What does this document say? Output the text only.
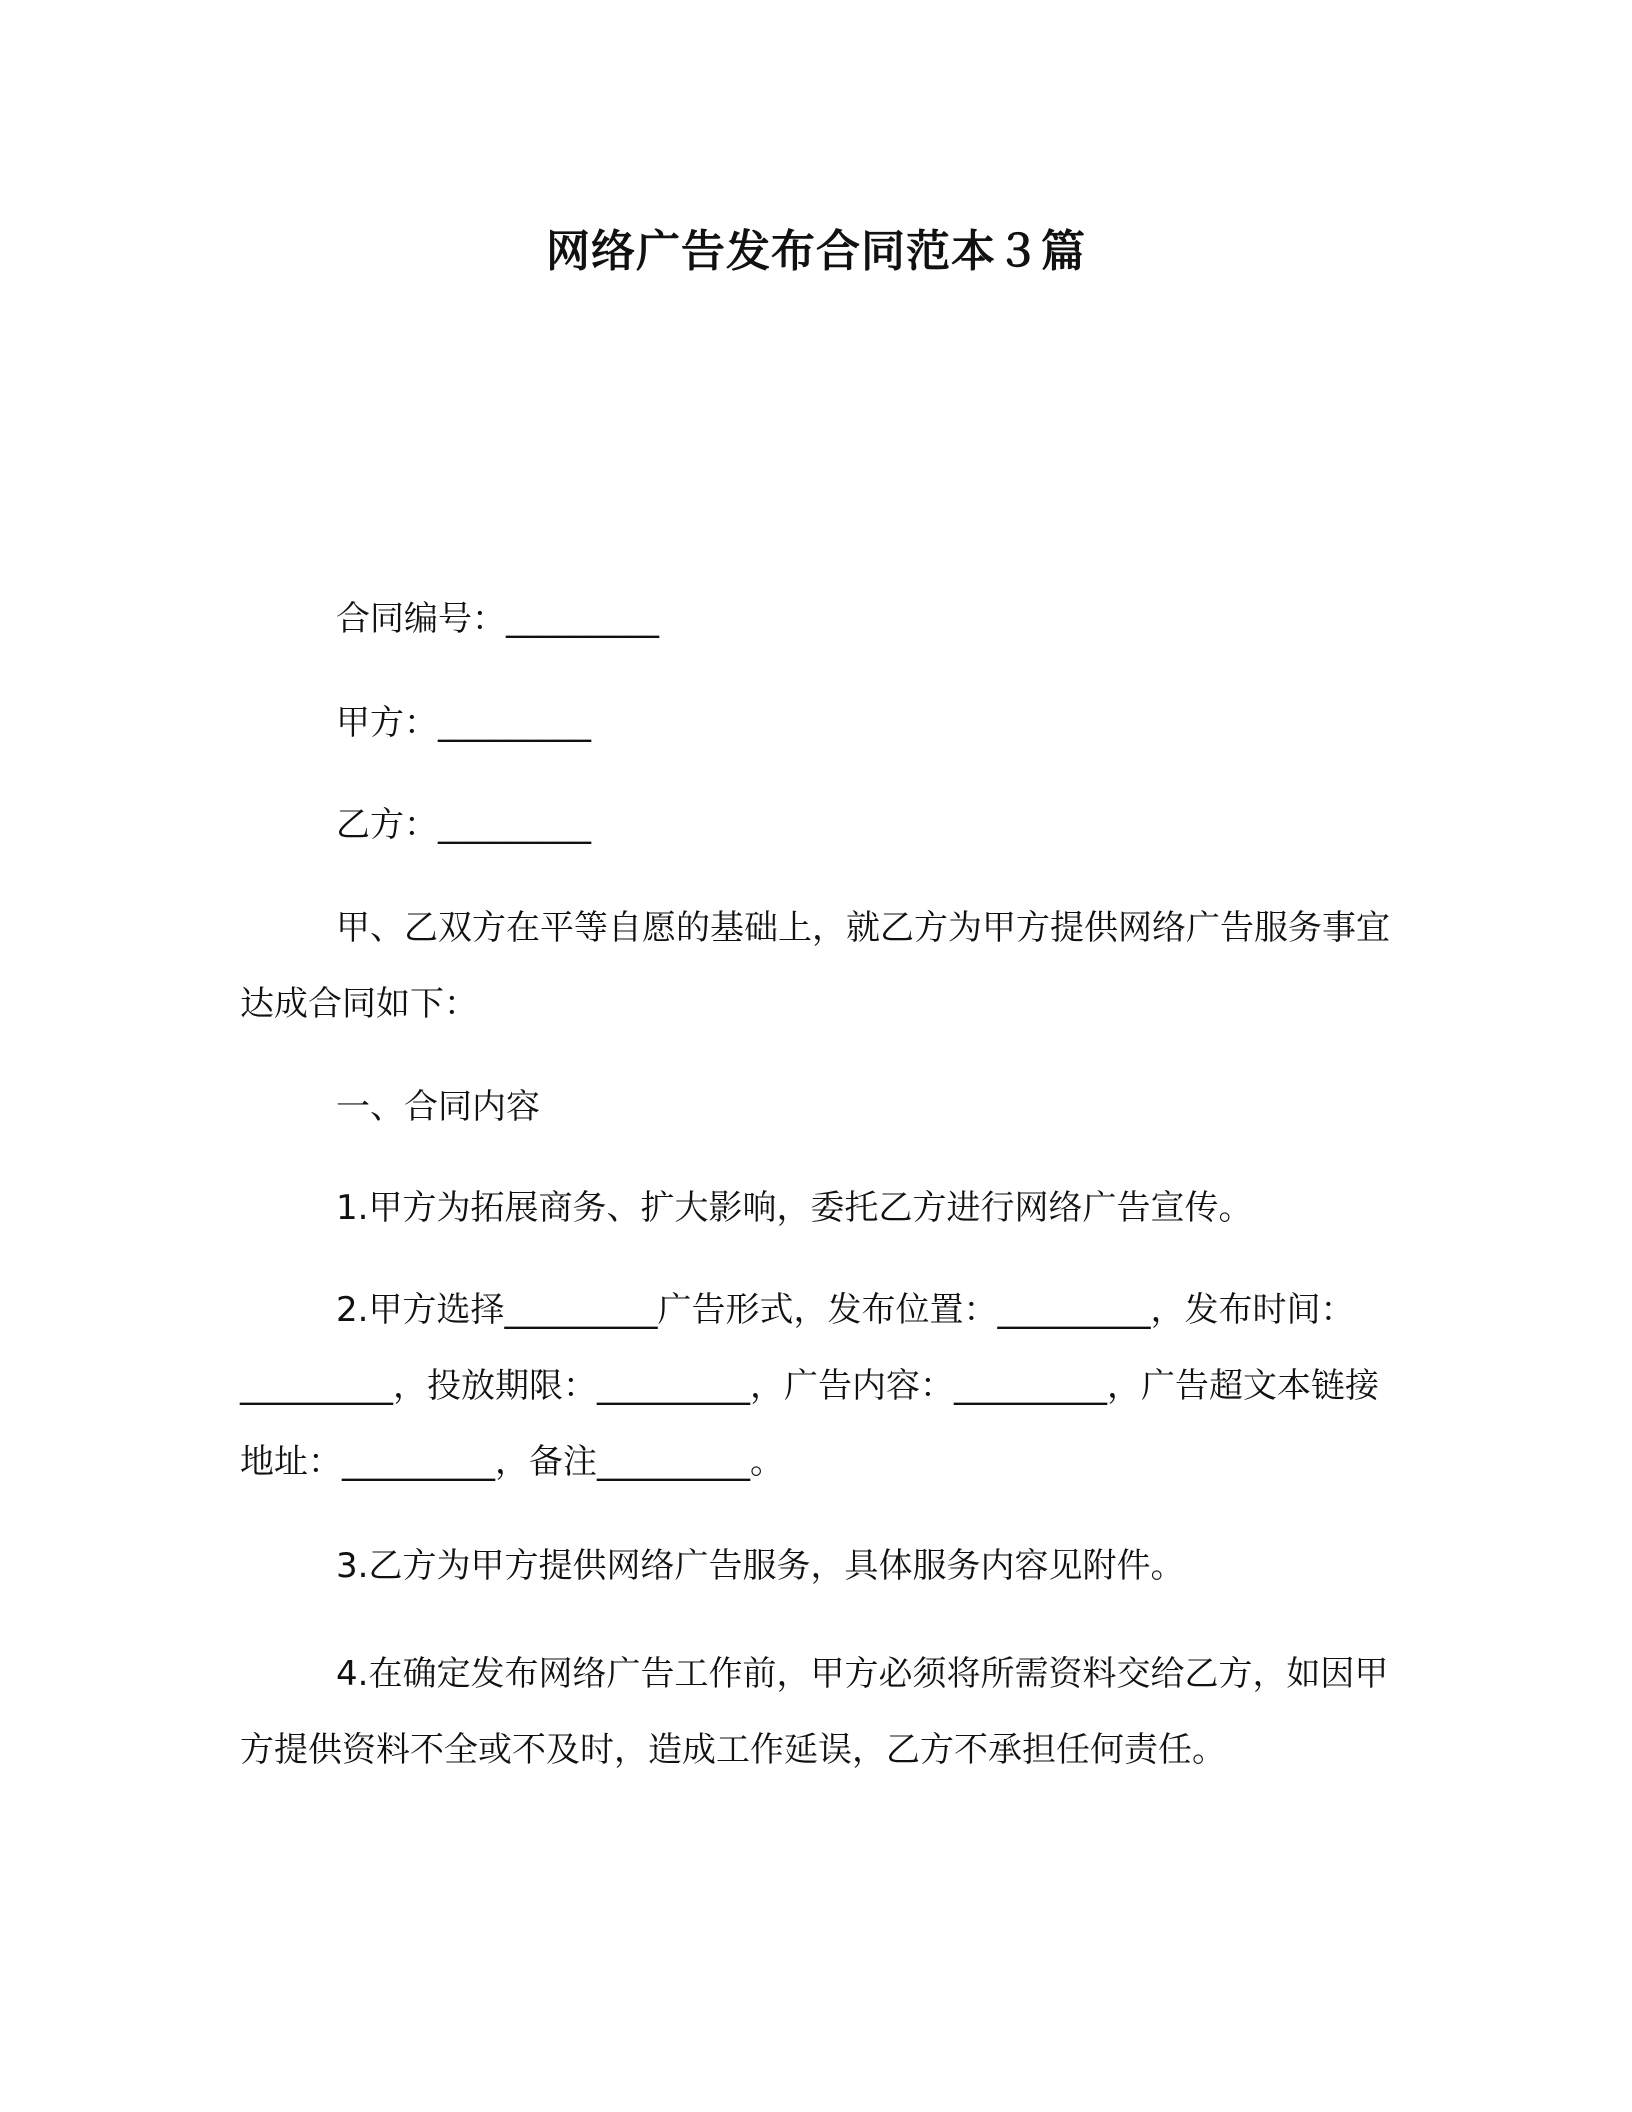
网络广告发布合同范本３篇
合同编号：_________
甲方：_________
乙方：_________

甲、乙双方在平等自愿的基础上，就乙方为甲方提供网络广告服务事宜达成合同如下：

一、合同内容

1.甲方为拓展商务、扩大影响，委托乙方进行网络广告宣传。

2.甲方选择_________广告形式，发布位置：_________，发布时间：_________，投放期限：_________，广告内容：_________，广告超文本链接地址：_________，备注_________。

3.乙方为甲方提供网络广告服务，具体服务内容见附件。

4.在确定发布网络广告工作前，甲方必须将所需资料交给乙方，如因甲方提供资料不全或不及时，造成工作延误，乙方不承担任何责任。
